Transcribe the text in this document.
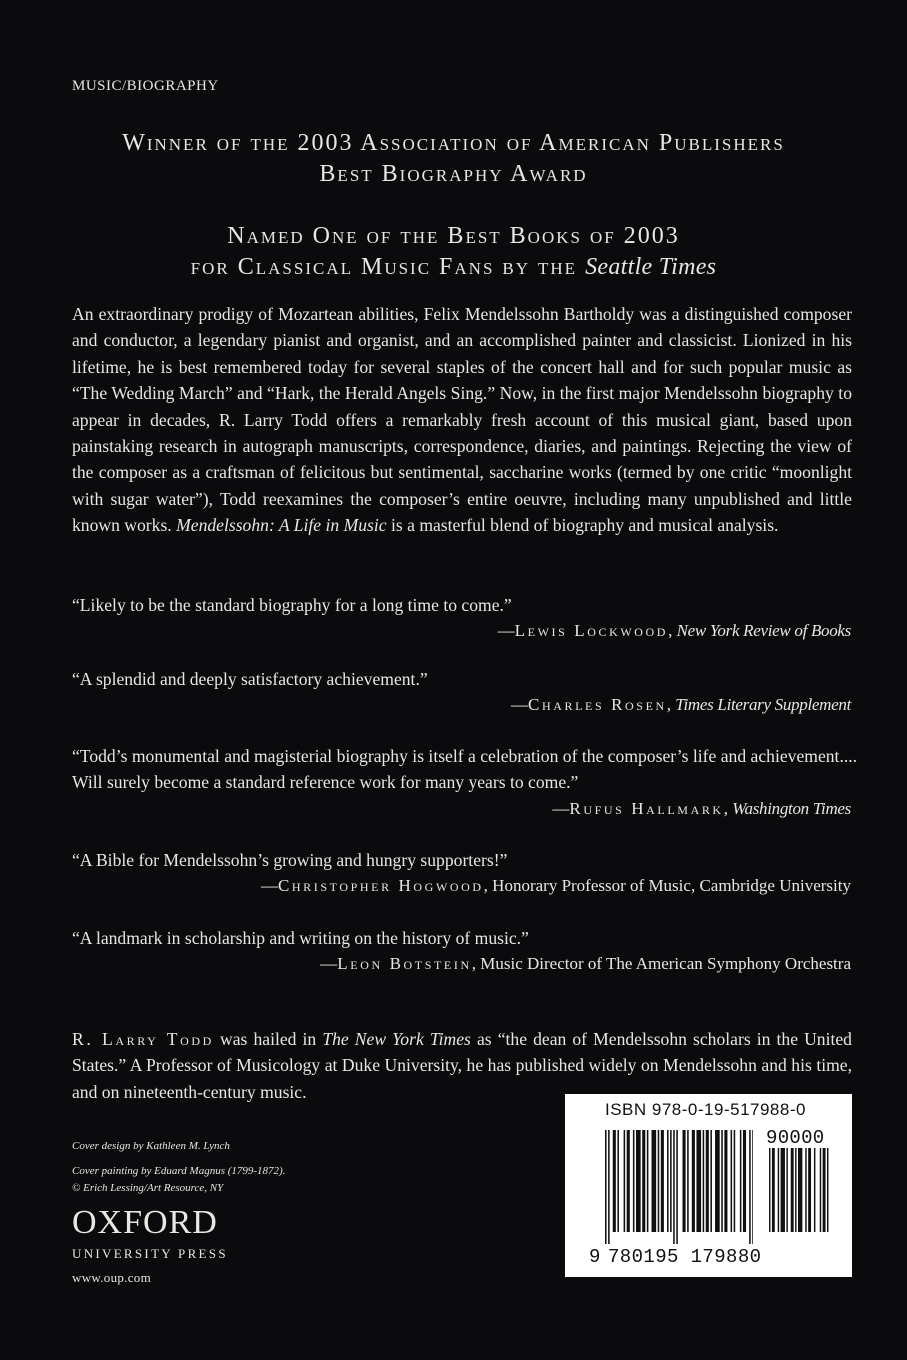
MUSIC/BIOGRAPHY
Winner of the 2003 Association of American Publishers
Best Biography Award
Named One of the Best Books of 2003
for Classical Music Fans by the Seattle Times

An extraordinary prodigy of Mozartean abilities, Felix Mendelssohn Bartholdy was a distinguished composer and conductor, a legendary pianist and organist, and an accomplished painter and classicist. Lionized in his lifetime, he is best remembered today for several staples of the concert hall and for such popular music as “The Wedding March” and “Hark, the Herald Angels Sing.” Now, in the first major Mendelssohn biography to appear in decades, R. Larry Todd offers a remarkably fresh account of this musical giant, based upon painstaking research in autograph manuscripts, correspondence, diaries, and paintings. Rejecting the view of the composer as a craftsman of felicitous but sentimental, saccharine works (termed by one critic “moonlight with sugar water”), Todd reexamines the composer’s entire oeuvre, including many unpublished and little known works. Mendelssohn: A Life in Music is a masterful blend of biography and musical analysis.

“Likely to be the standard biography for a long time to come.”

—Lewis Lockwood, New York Review of Books

“A splendid and deeply satisfactory achievement.”

—Charles Rosen, Times Literary Supplement

“Todd’s monumental and magisterial biography is itself a celebration of the composer’s life and achievement.... Will surely become a standard reference work for many years to come.”

—Rufus Hallmark, Washington Times

“A Bible for Mendelssohn’s growing and hungry supporters!”

—Christopher Hogwood, Honorary Professor of Music, Cambridge University

“A landmark in scholarship and writing on the history of music.”

—Leon Botstein, Music Director of The American Symphony Orchestra

R. Larry Todd was hailed in The New York Times as “the dean of Mendelssohn scholars in the United States.” A Professor of Musicology at Duke University, he has published widely on Mendelssohn and his time, and on nineteenth-century music.

Cover design by Kathleen M. Lynch
Cover painting by Eduard Magnus (1799-1872).
© Erich Lessing/Art Resource, NY
OXFORD
UNIVERSITY PRESS
www.oup.com
ISBN 978-0-19-517988-0
9 780195 179880
90000
